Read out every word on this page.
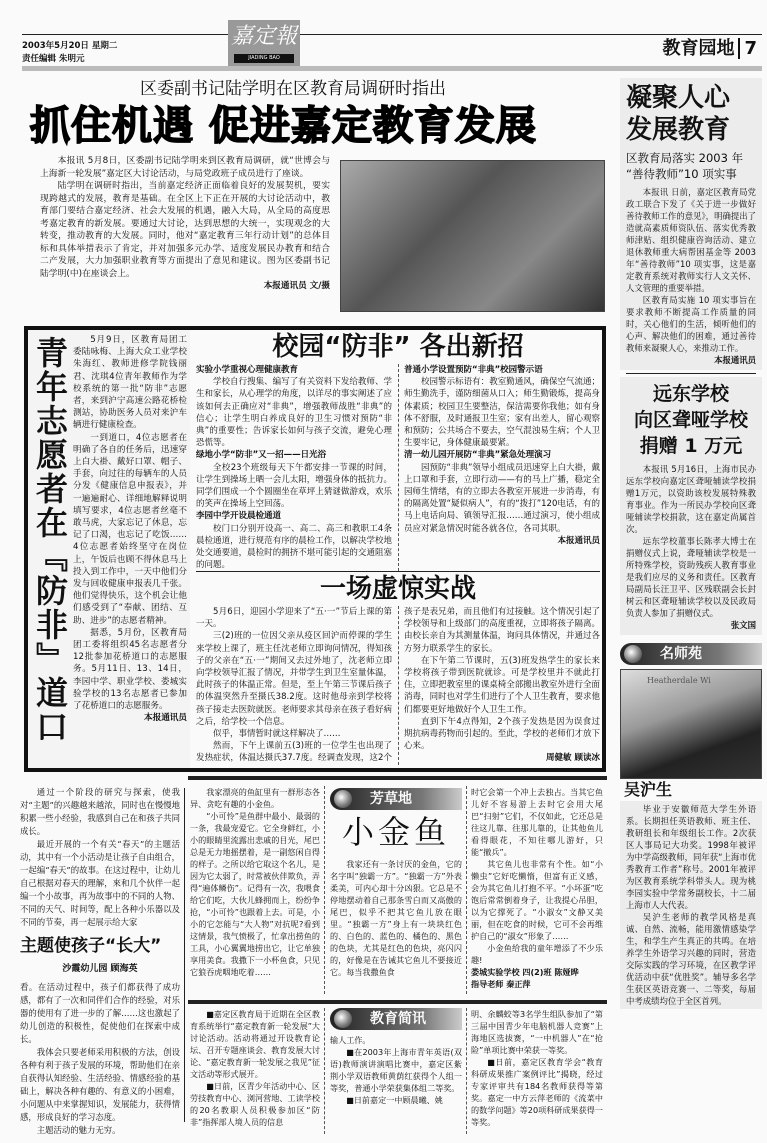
2003年5月20日 星期二
责任编辑 朱明元
嘉定報
JIADING BAO	教育园地 7
区委副书记陆学明在区教育局调研时指出
抓住机遇 促进嘉定教育发展

本报讯 5月8日，区委副书记陆学明来到区教育局调研，就“世博会与上海新一轮发展”嘉定区大讨论活动，与局党政班子成员进行了座谈。

陆学明在调研时指出，当前嘉定经济正面临着良好的发展契机，要实现跨越式的发展，教育是基础。在全区上下正在开展的大讨论活动中，教育部门要结合嘉定经济、社会大发展的机遇，融入大局，从全局的高度思考嘉定教育的新发展。要通过大讨论，达到思想的大统一，实现观念的大转变，推动教育的大发展。同时，他对“嘉定教育三年行动计划”的总体目标和具体举措表示了肯定，并对加强多元办学、适度发展民办教育和结合二产发展，大力加强职业教育等方面提出了意见和建议。图为区委副书记陆学明(中)在座谈会上。

本报通讯员 文/摄
凝聚人心
发展教育
区教育局落实 2003 年
“善待教师”10 项实事

本报讯 日前，嘉定区教育局党政工联合下发了《关于进一步做好善待教师工作的意见》，明确提出了造就高素质师资队伍、落实优秀教师津贴、组织健康咨询活动、建立退休教师重大病帮困基金等 2003 年“善待教师”10 项实事，这是嘉定教育系统对教师实行人文关怀、人文管理的重要举措。

区教育局实施 10 项实事旨在要求教师不断提高工作质量的同时，关心他们的生活，倾听他们的心声、解决他们的困难，通过善待教师来凝聚人心，来推动工作。

本报通讯员
远东学校
向区聋哑学校
捐赠 1 万元

本报讯 5月16日，上海市民办远东学校向嘉定区聋哑辅读学校捐赠1万元，以资助该校发展特殊教育事业。作为一所民办学校向区聋哑辅读学校捐款，这在嘉定尚属首次。

远东学校董事长陈孝大博士在捐赠仪式上说，聋哑辅读学校是一所特殊学校，资助残疾人教育事业是我们应尽的义务和责任。区教育局副局长汪卫平、区残联副会长封树云和区聋哑辅读学校以及民政局负责人参加了捐赠仪式。

张文国
名师苑
Heatherdale Wi
吴沪生

毕业于安徽师范大学生外语系。长期担任英语教师、班主任、教研组长和年级组长工作。2次获区人事局记大功奖。1998年被评为中学高级教师，同年获“上海市优秀教育工作者”称号。2001年被评为区教育系统学科带头人。现为桃李园实验中学常务副校长，十二届上海市人大代表。

吴沪生老师的教学风格是真诚、自然、流畅，能用激情感染学生，和学生产生真正的共鸣。在培养学生外语学习兴趣的同时，营造交际实践的学习环境，在区教学评优活动中获“优胜奖”。辅导多名学生获区英语竞赛一、二等奖，每届中考成绩均位于全区首列。

青年志愿者在『防非』道口	5月9日，区教育局团工委陆咏梅、上海大众工业学校朱海红、教师进修学院钱丽君、沈琪4位青年教师作为学校系统的第一批“防非”志愿者，来到沪宁高速公路花桥检测站，协助医务人员对来沪车辆进行健康检查。

一到道口，4位志愿者在明确了各自的任务后，迅速穿上白大褂、戴好口罩、帽子、手套，向过往的每辆车的人员分发《健康信息申报表》，并一遍遍耐心、详细地解释说明填写要求，4位志愿者丝毫不敢马虎，大家忘记了休息，忘记了口渴，也忘记了吃饭……4位志愿者始终坚守在岗位上，午饭后也顾不得休息马上投入到工作中，一天中他们分发与回收健康申报表几千张。他们觉得快乐，这个机会让他们感受到了“奉献、团结、互助、进步”的志愿者精神。

据悉，5月份，区教育局团工委将组织45名志愿者分12批参加花桥道口的志愿服务。5月11日、13、14日，李园中学、职业学校、娄城实验学校的13名志愿者已参加了花桥道口的志愿服务。

本报通讯员
校园“防非” 各出新招
实验小学重视心理健康教育

学校自行搜集、编写了有关资料下发给教师、学生和家长，从心理学的角度，以详尽的事实阐述了应该如何去正确应对“非典”，增强教师战胜“非典”的信心；让学生明白养成良好的卫生习惯对预防“非典”的重要性；告诉家长如何与孩子交流，避免心理恐慌等。

绿地小学“防非”又一招——日光浴

全校23个班级每天下午都安排一节课的时间，让学生到操场上晒一会儿太阳，增强身体的抵抗力。同学们围成一个个圆圈坐在草坪上猜谜做游戏，欢乐的笑声在操场上空回荡。

李园中学开设晨检通道

校门口分别开设高一、高二、高三和教职工4条晨检通道，进行规范有序的晨检工作，以解决学校地处交通要道，晨检时的拥挤不堪可能引起的交通阻塞的问题。

普通小学设置预防“非典”校园警示语

校园警示标语有：教室勤通风，确保空气流通；师生勤洗手，谨防细菌从口入；师生勤锻炼，提高身体素质；校园卫生要整洁，保洁需要你我他；如有身体不舒服，及时通报卫生室；家有出差人，留心观察和预防；公共场合不要去，空气混浊易生病；个人卫生要牢记，身体健康最要紧。

清一幼儿园开展防“非典”紧急处理演习

园预防“非典”领导小组成员迅速穿上白大褂，戴上口罩和手套，立即行动——有的马上广播，稳定全园师生情绪，有的立即去各教室开展进一步消毒，有的隔离处置“疑似病人”，有的“拨打”120电话，有的马上电话向局、镇领导汇报……通过演习，使小组成员应对紧急情况时能各就各位，各司其职。

本报通讯员
一场虚惊实战

5月6日，迎园小学迎来了“五·一”节后上课的第一天。

三(2)班的一位因父亲从疫区回沪而停课的学生来学校上课了，班主任沈老师立即询问情况，得知孩子的父亲在“五·一”期间又去过外地了，沈老师立即向学校领导汇报了情况，并带学生到卫生室量体温，此时孩子的体温正常。但是，至上午第三节课后孩子的体温突然升至摄氏38.2度。这时他母亲到学校将孩子接走去医院就医。老师要求其母亲在孩子看好病之后，给学校一个信息。

似乎，事情暂时就这样解决了……

然而，下午上课前五(3)班的一位学生也出现了发热症状，体温达摄氏37.7度。经调查发现，这2个孩子是表兄弟，而且他们有过接触。这个情况引起了学校领导和上级部门的高度重视，立即将孩子隔离。由校长亲自为其测量体温，询问具体情况，并通过各方努力联系学生的家长。

在下午第二节课时，五(3)班发热学生的家长来学校将孩子带到医院就诊。可是学校里并不就此打住，立即把教室里的课桌椅全部搬出教室外进行全面消毒，同时也对学生们进行了个人卫生教育，要求他们都要更好地做好个人卫生工作。

直到下午4点得知，2个孩子发热是因为误食过期抗病毒药物而引起的。至此，学校的老师们才放下心来。

周健敏 顾读冰

通过一个阶段的研究与探索，使我对“主题”的兴趣越来越浓，同时也在慢慢地积累一些小经验，我感到自己在和孩子共同成长。

最近开展的一个有关“春天”的主题活动，其中有一个小活动是让孩子自由组合，一起编“春天”的故事。在这过程中，让幼儿自己根据对春天的理解，來和几个伙伴一起编一个小故事，再为故事中的不同的人物、不同的天气、时间等，配上各种小乐器以及不同的节奏，再一起展示给大家

主题使孩子“长大”
沙霞幼儿园 顾海英

看。在活动过程中，孩子们都获得了成功感，都有了一次和同伴们合作的经验，对乐器的使用有了进一步的了解……这也激起了幼儿创造的积极性，促使他们在探索中成长。

我体会只要老师采用积极的方法，创设各种有利于孩子发展的环境，帮助他们在亲自获得认知经验、生活经验、情感经验的基础上，解决各种有趣的、有意义的小困难，小问题从中来掌握知识，发展能力，获得情感，形成良好的学习态度。

主题活动的魅力无穷。

我家漂亮的鱼缸里有一群形态各异、贪吃有趣的小金鱼。

“小可怜”是鱼群中最小、最弱的一条，我最宠爱它。它全身鲜红，小小的眼睛里流露出悲戚的目光，尾巴总是无力地摇摆着，是一副悠闲自得的样子。之所以给它取这个名儿，是因为它太弱了，时常被伙伴欺负，弄得“遍体鳞伤”。记得有一次，我喂食给它们吃，大伙儿蜂拥而上，纷纷争抢，“小可怜”也跟着上去。可是，小小的它怎能与“大人物”对抗呢?看到这情景，我气愤极了，忙拿出捞鱼的工具，小心翼翼地捞出它，让它单独享用美食。我撒下一小杯鱼食，只见它狼吞虎咽地吃着……

芳草地
小金鱼

我家还有一条讨厌的金鱼，它的名字叫“独霸一方”。“独霸一方”外表柔美，可内心却十分凶狠。它总是不停地摆动着自己那条雪白而又高傲的尾巴，似乎不把其它鱼儿放在眼里。“独霸一方”身上有一块块红色的、白色的、蓝色的、橘色的、黑色的色块，尤其是红色的色块，亮闪闪的，好像是在告诫其它鱼儿不要接近它。每当我撒鱼食

时它会第一个冲上去独占。当其它鱼儿好不容易游上去时它会用大尾巴“扫射”它们，不仅如此，它还总是往这儿靠、往那儿靠的，让其他鱼儿看得眼花，不知往哪儿游好，只能“撤兵”。

其它鱼儿也非常有个性。如“小懒虫”它好吃懒惰，但富有正义感，会为其它鱼儿打抱不平。“小坏蛋”吃饱后常常倒着身子，让我提心吊胆，以为它撑死了。“小淑女”文静又美丽，但在吃食的时候，它可不会再维护自己的“淑女”形象了……

小金鱼给我的童年增添了不少乐趣!

娄城实验学校 四(2)班 陈娅晔
指导老师 秦正萍

■嘉定区教育局于近期在全区教育系统举行“嘉定教育新一轮发展”大讨论活动。活动将通过开设教育论坛、召开专题座谈会、教育发展大讨论、“嘉定教育新一轮发展之我见”征文活动等形式展开。

■日前，区青少年活动中心、区劳技教育中心、浏河营地、工读学校的20名教职人员积极参加区“防非”指挥部人境人员的信息

教育简讯

输人工作。

■在2003年上海市青年英语(双语)教师演讲演唱比赛中，嘉定区紫荆小学双语教师黄荫红获得个人组一等奖，普通小学荣获集体组二等奖。

■日前嘉定一中顾晨曦、姚

明、余麟蛟等3名学生组队参加了“第三届中国青少年电脑机器人竞赛”上海地区选拔赛，“一中机器人”在“抢险”单项比赛中荣获一等奖。

■日前，嘉定区教育学会“教育科研成果推广案例评比”揭晓，经过专家评审共有184名教师获得等第奖。嘉定一中方云萍老师的《流菜中的数学问题》等20项科研成果获得一等奖。
